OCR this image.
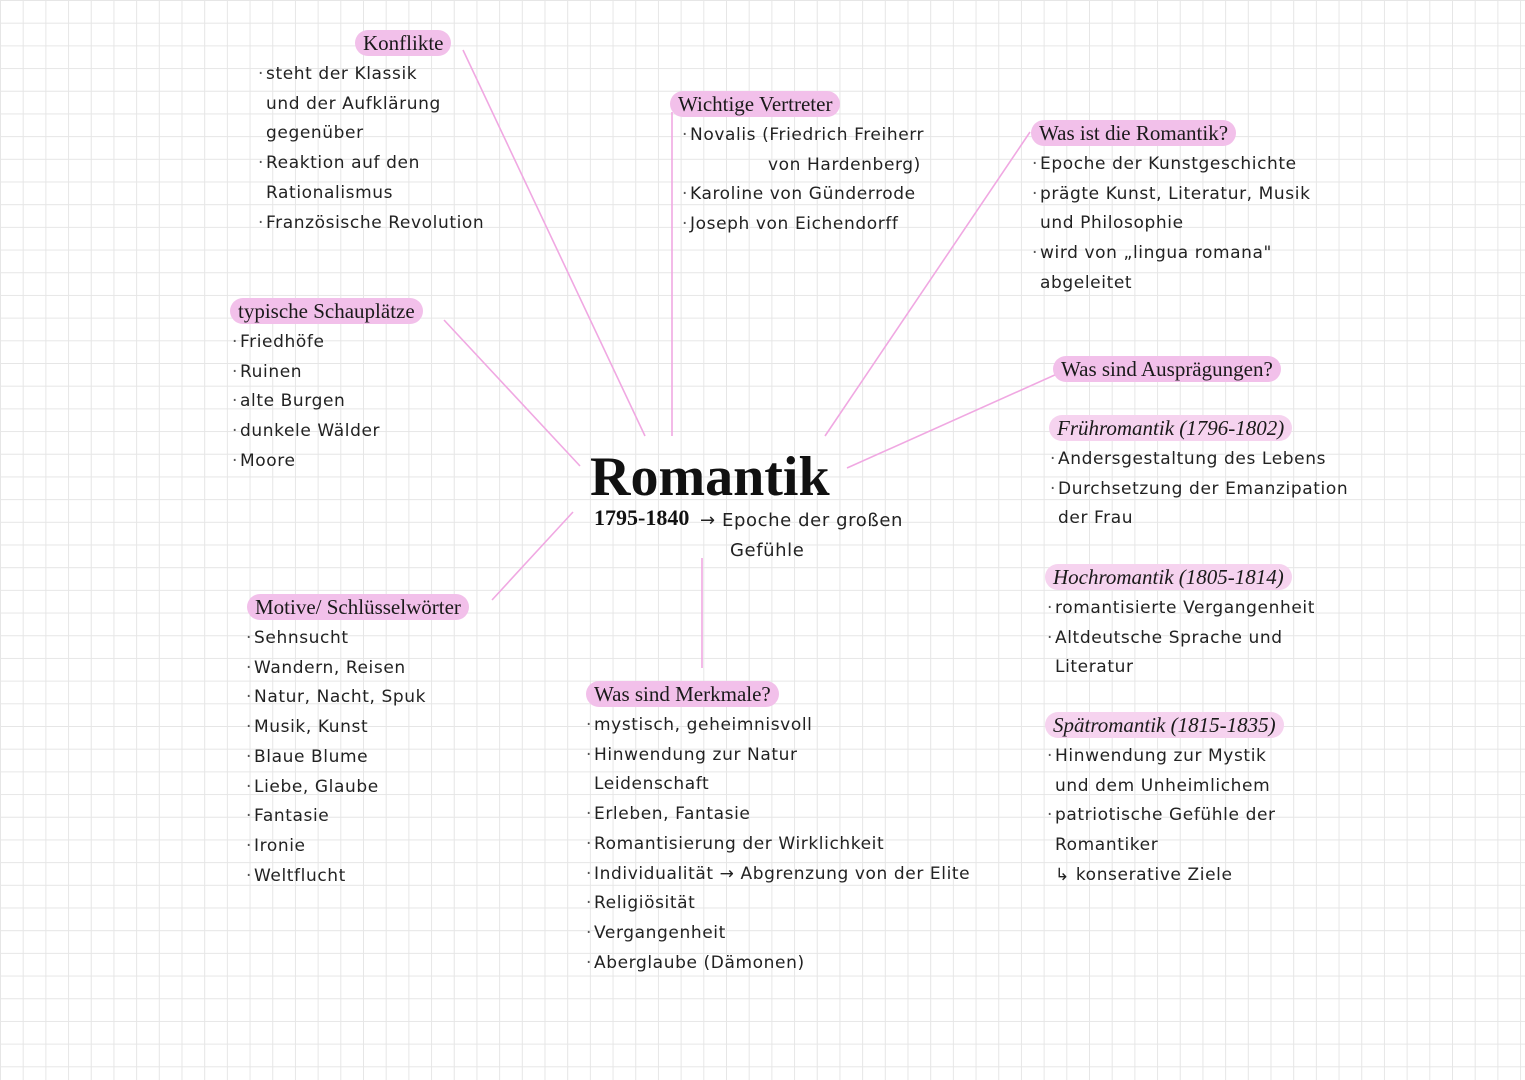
Romantik
1795-1840 → Epoche der großen
Gefühle
Konflikte
· steht der Klassik
und der Aufklärung
gegenüber
· Reaktion auf den
Rationalismus
· Französische Revolution
Wichtige Vertreter
· Novalis (Friedrich Freiherr
von Hardenberg)
· Karoline von Günderrode
· Joseph von Eichendorff
Was ist die Romantik?
· Epoche der Kunstgeschichte
· prägte Kunst, Literatur, Musik
und Philosophie
· wird von „lingua romana"
abgeleitet
typische Schauplätze
· Friedhöfe
· Ruinen
· alte Burgen
· dunkele Wälder
· Moore
Was sind Ausprägungen?
Frühromantik (1796-1802)
· Andersgestaltung des Lebens
· Durchsetzung der Emanzipation
der Frau
Hochromantik (1805-1814)
· romantisierte Vergangenheit
· Altdeutsche Sprache und
Literatur
Spätromantik (1815-1835)
· Hinwendung zur Mystik
und dem Unheimlichem
· patriotische Gefühle der
Romantiker
↳ konserative Ziele
Motive/ Schlüsselwörter
· Sehnsucht
· Wandern, Reisen
· Natur, Nacht, Spuk
· Musik, Kunst
· Blaue Blume
· Liebe, Glaube
· Fantasie
· Ironie
· Weltflucht
Was sind Merkmale?
· mystisch, geheimnisvoll
· Hinwendung zur Natur
Leidenschaft
· Erleben, Fantasie
· Romantisierung der Wirklichkeit
· Individualität → Abgrenzung von der Elite
· Religiösität
· Vergangenheit
· Aberglaube (Dämonen)
